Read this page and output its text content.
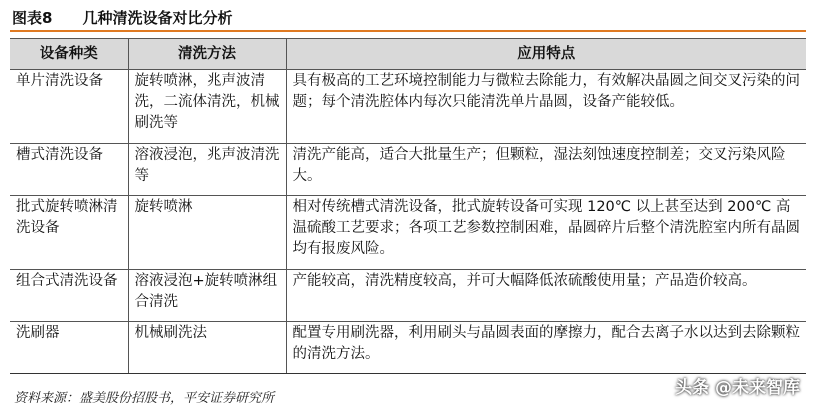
图表8 几种清洗设备对比分析
设备种类	清洗方法	应用特点
单片清洗设备	旋转喷淋，兆声波清洗，二流体清洗，机械刷洗等	具有极高的工艺环境控制能力与微粒去除能力，有效解决晶圆之间交叉污染的问题；每个清洗腔体内每次只能清洗单片晶圆，设备产能较低。
槽式清洗设备	溶液浸泡，兆声波清洗等	清洗产能高，适合大批量生产；但颗粒，湿法刻蚀速度控制差；交叉污染风险大。
批式旋转喷淋清洗设备	旋转喷淋	相对传统槽式清洗设备，批式旋转设备可实现 120℃ 以上甚至达到 200℃ 高温硫酸工艺要求；各项工艺参数控制困难，晶圆碎片后整个清洗腔室内所有晶圆均有报废风险。
组合式清洗设备	溶液浸泡+旋转喷淋组合清洗	产能较高，清洗精度较高，并可大幅降低浓硫酸使用量；产品造价较高。
洗刷器	机械刷洗法	配置专用刷洗器，利用刷头与晶圆表面的摩擦力，配合去离子水以达到去除颗粒的清洗方法。
资料来源：盛美股份招股书，平安证券研究所
头条 @未来智库
